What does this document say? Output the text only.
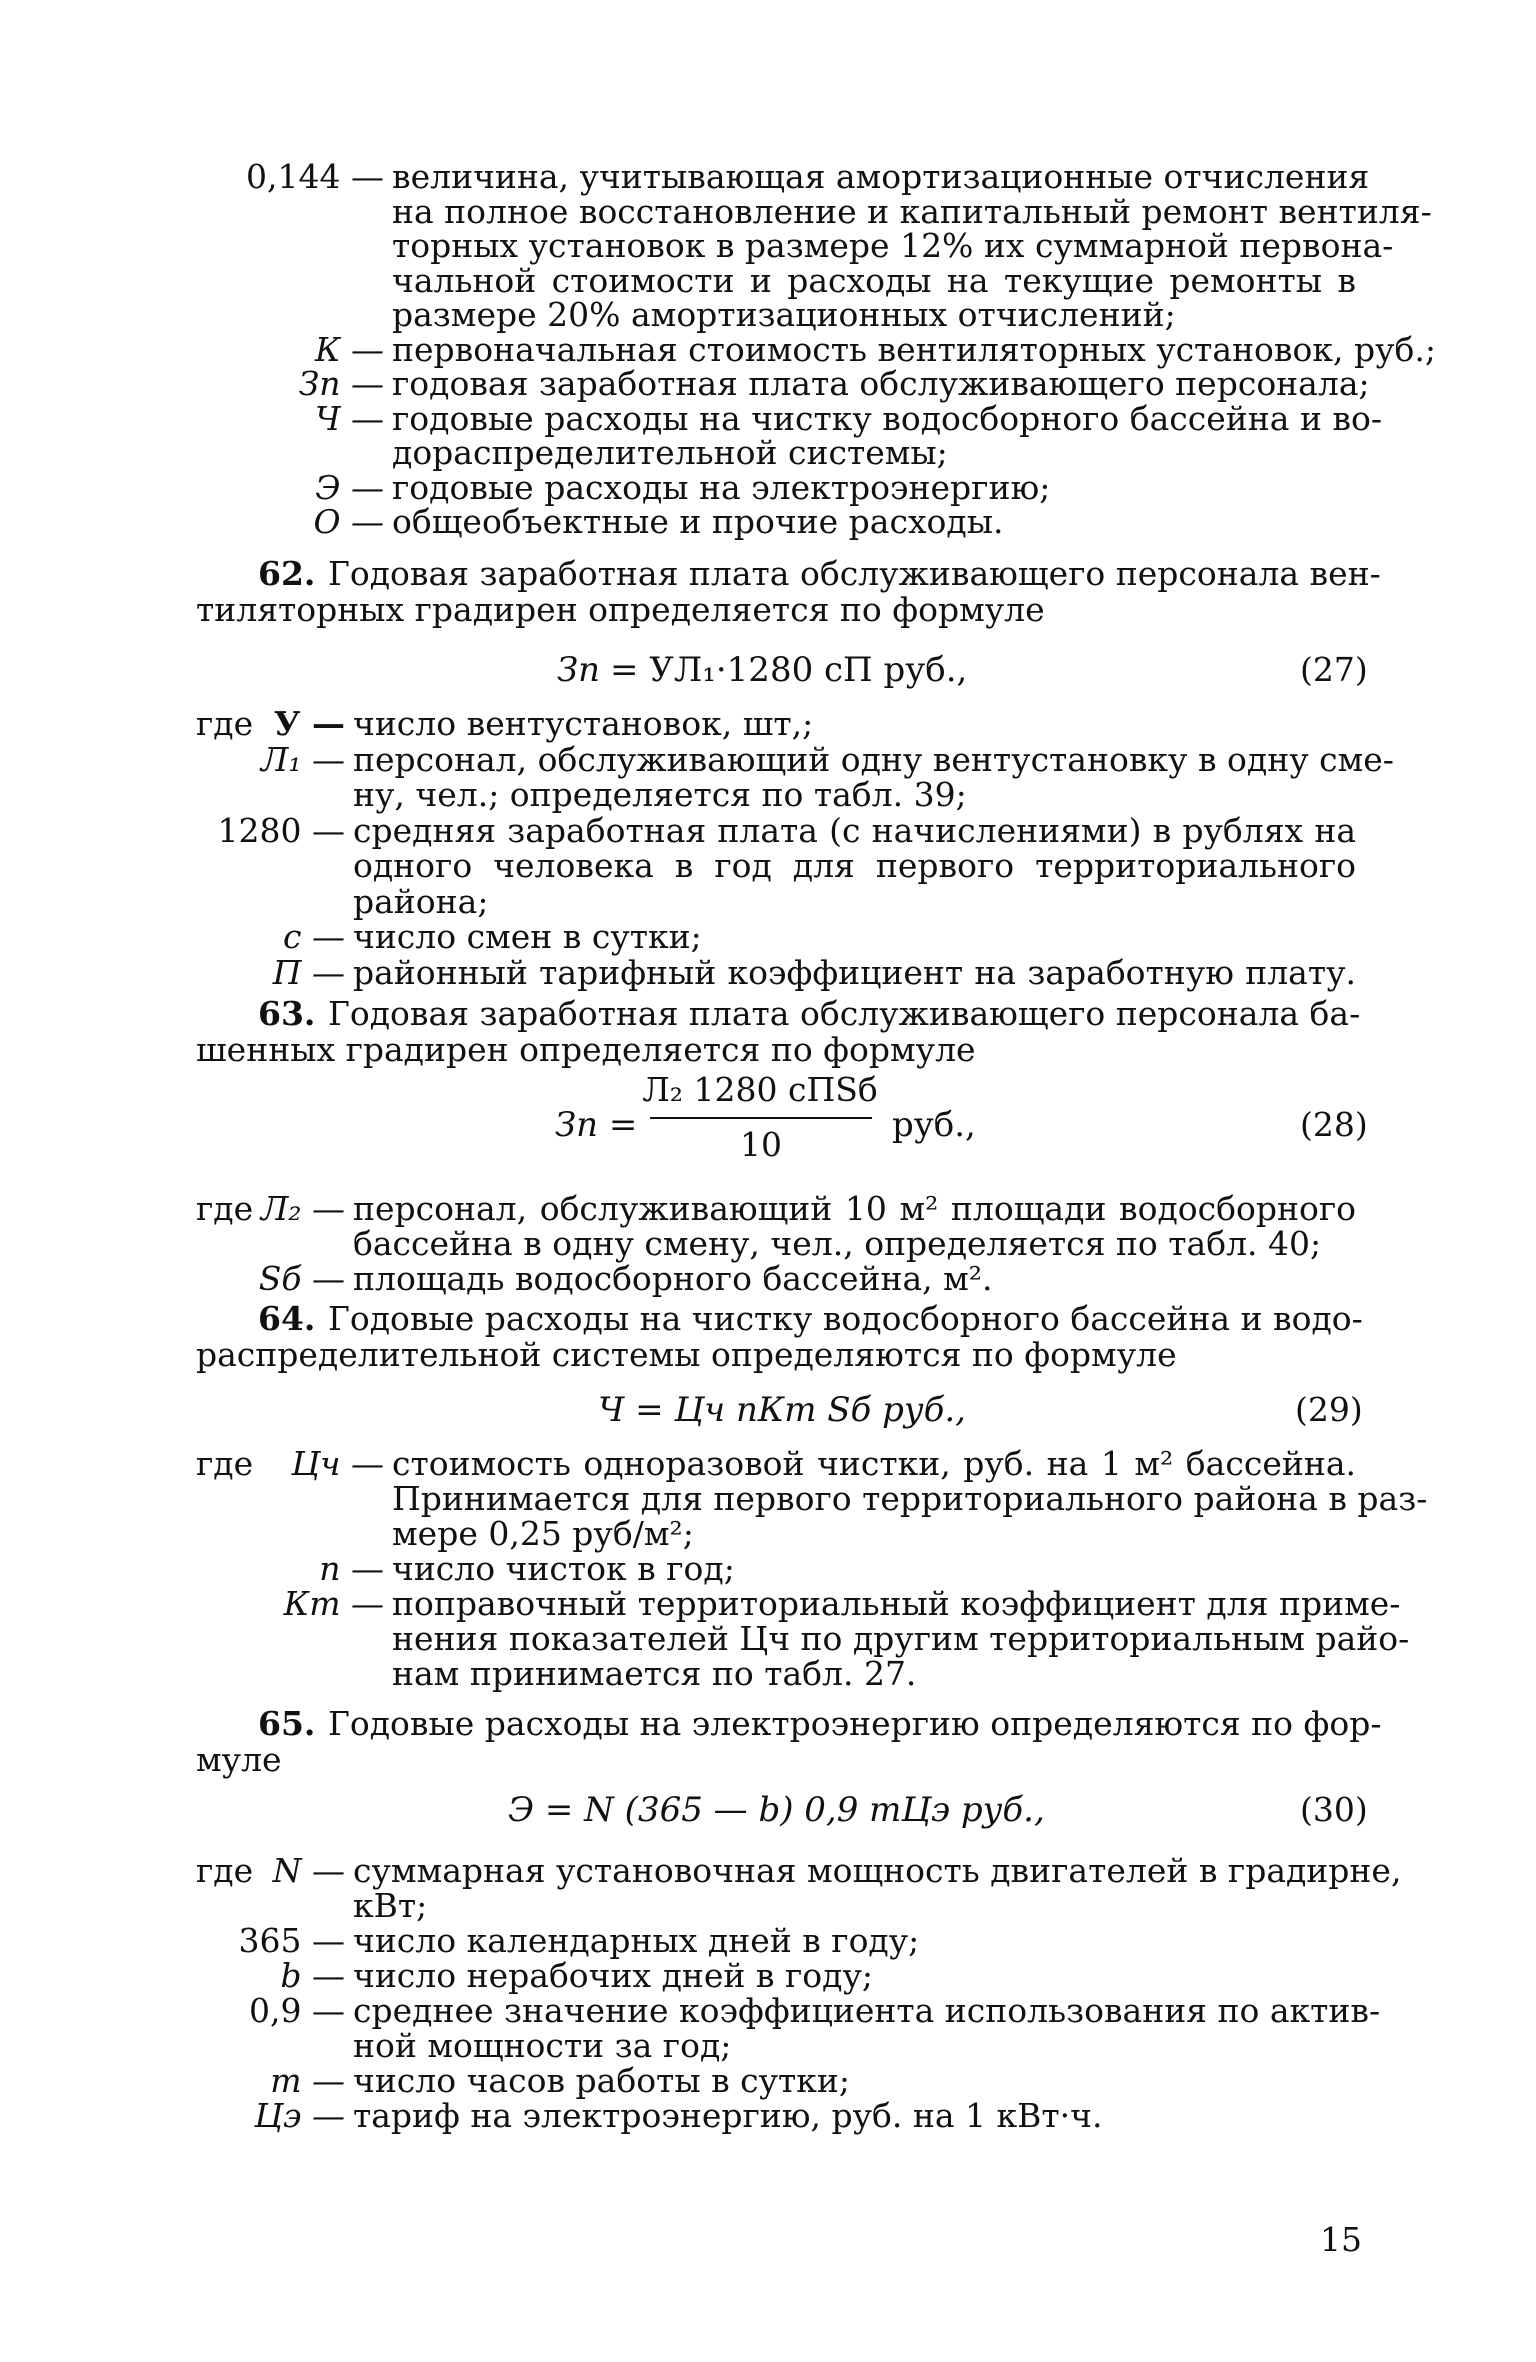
0,144 — величина, учитывающая амортизационные отчисления
на полное восстановление и капитальный ремонт вентиля-
торных установок в размере 12% их суммарной первона-
чальной стоимости и расходы на текущие ремонты в
размере 20% амортизационных отчислений;
К — первоначальная стоимость вентиляторных установок, руб.;
Зп — годовая заработная плата обслуживающего персонала;
Ч — годовые расходы на чистку водосборного бассейна и во-
дораспределительной системы;
Э — годовые расходы на электроэнергию;
О — общеобъектные и прочие расходы.
62. Годовая заработная плата обслуживающего персонала вен-
тиляторных градирен определяется по формуле
Зп = УЛ₁·1280 сП руб.,	(27)
где У — число вентустановок, шт,;
Л₁ — персонал, обслуживающий одну вентустановку в одну сме-
ну, чел.; определяется по табл. 39;
1280 — средняя заработная плата (с начислениями) в рублях на
одного человека в год для первого территориального
района;
с — число смен в сутки;
П — районный тарифный коэффициент на заработную плату.
63. Годовая заработная плата обслуживающего персонала ба-
шенных градирен определяется по формуле
Зп =
Л₂ 1280 сПSб
10	руб.,	(28)
где Л₂ — персонал, обслуживающий 10 м² площади водосборного
бассейна в одну смену, чел., определяется по табл. 40;
Sб — площадь водосборного бассейна, м².
64. Годовые расходы на чистку водосборного бассейна и водо-
распределительной системы определяются по формуле
Ч = Цч nКт Sб руб.,	(29)
где	Цч — стоимость одноразовой чистки, руб. на 1 м² бассейна.
Принимается для первого территориального района в раз-
мере 0,25 руб/м²;
n — число чисток в год;
Кт — поправочный территориальный коэффициент для приме-
нения показателей Цч по другим территориальным райо-
нам принимается по табл. 27.
65. Годовые расходы на электроэнергию определяются по фор-
муле
Э = N (365 — b) 0,9 mЦэ руб.,	(30)
где N — суммарная установочная мощность двигателей в градирне,
кВт;
365 — число календарных дней в году;
b — число нерабочих дней в году;
0,9 — среднее значение коэффициента использования по актив-
ной мощности за год;
m — число часов работы в сутки;
Цэ — тариф на электроэнергию, руб. на 1 кВт·ч.
15
